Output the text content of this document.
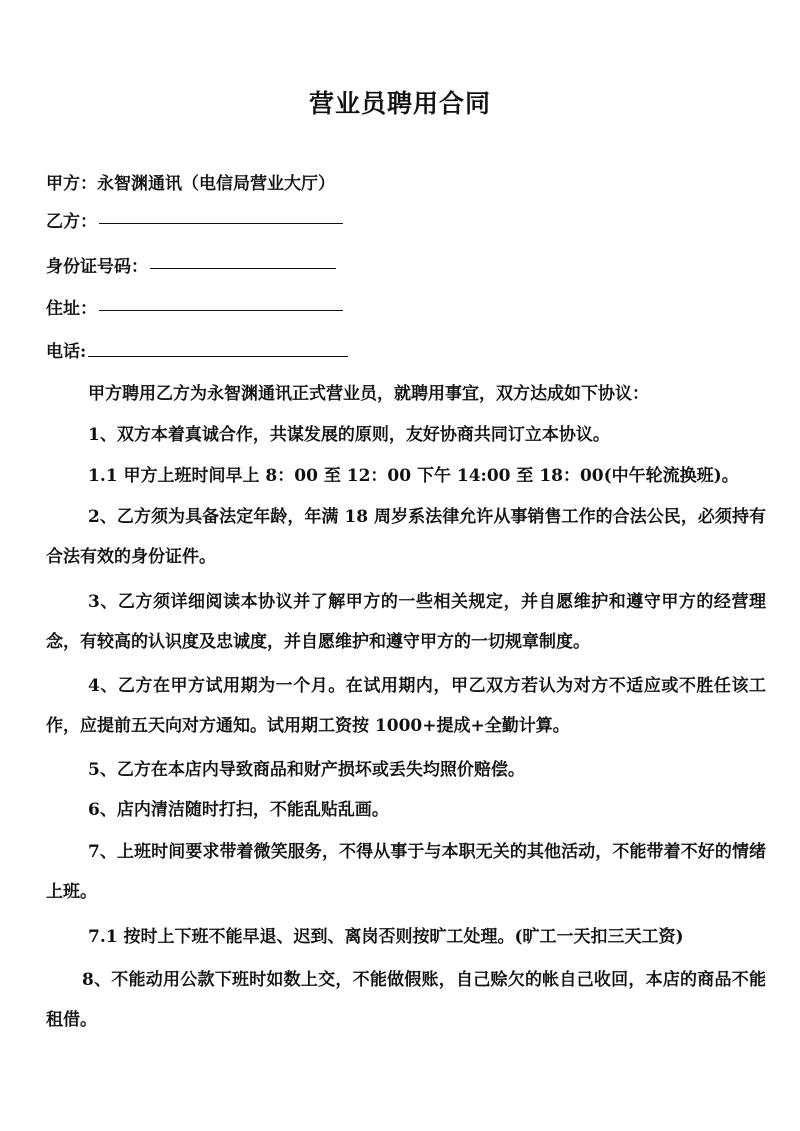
营业员聘用合同
甲方：永智渊通讯（电信局营业大厅）
乙方：
身份证号码：
住址：
电话:
甲方聘用乙方为永智渊通讯正式营业员，就聘用事宜，双方达成如下协议：
1、双方本着真诚合作，共谋发展的原则，友好协商共同订立本协议。
1.1 甲方上班时间早上 8：00 至 12：00 下午 14:00 至 18：00(中午轮流换班)。
2、乙方须为具备法定年龄，年满 18 周岁系法律允许从事销售工作的合法公民，必须持有合法有效的身份证件。
3、乙方须详细阅读本协议并了解甲方的一些相关规定，并自愿维护和遵守甲方的经营理念，有较高的认识度及忠诚度，并自愿维护和遵守甲方的一切规章制度。
4、乙方在甲方试用期为一个月。在试用期内，甲乙双方若认为对方不适应或不胜任该工作，应提前五天向对方通知。试用期工资按 1000+提成+全勤计算。
5、乙方在本店内导致商品和财产损坏或丢失均照价赔偿。
6、店内清洁随时打扫，不能乱贴乱画。
7、上班时间要求带着微笑服务，不得从事于与本职无关的其他活动，不能带着不好的情绪上班。
7.1 按时上下班不能早退、迟到、离岗否则按旷工处理。(旷工一天扣三天工资)
8、不能动用公款下班时如数上交，不能做假账，自己赊欠的帐自己收回，本店的商品不能租借。
